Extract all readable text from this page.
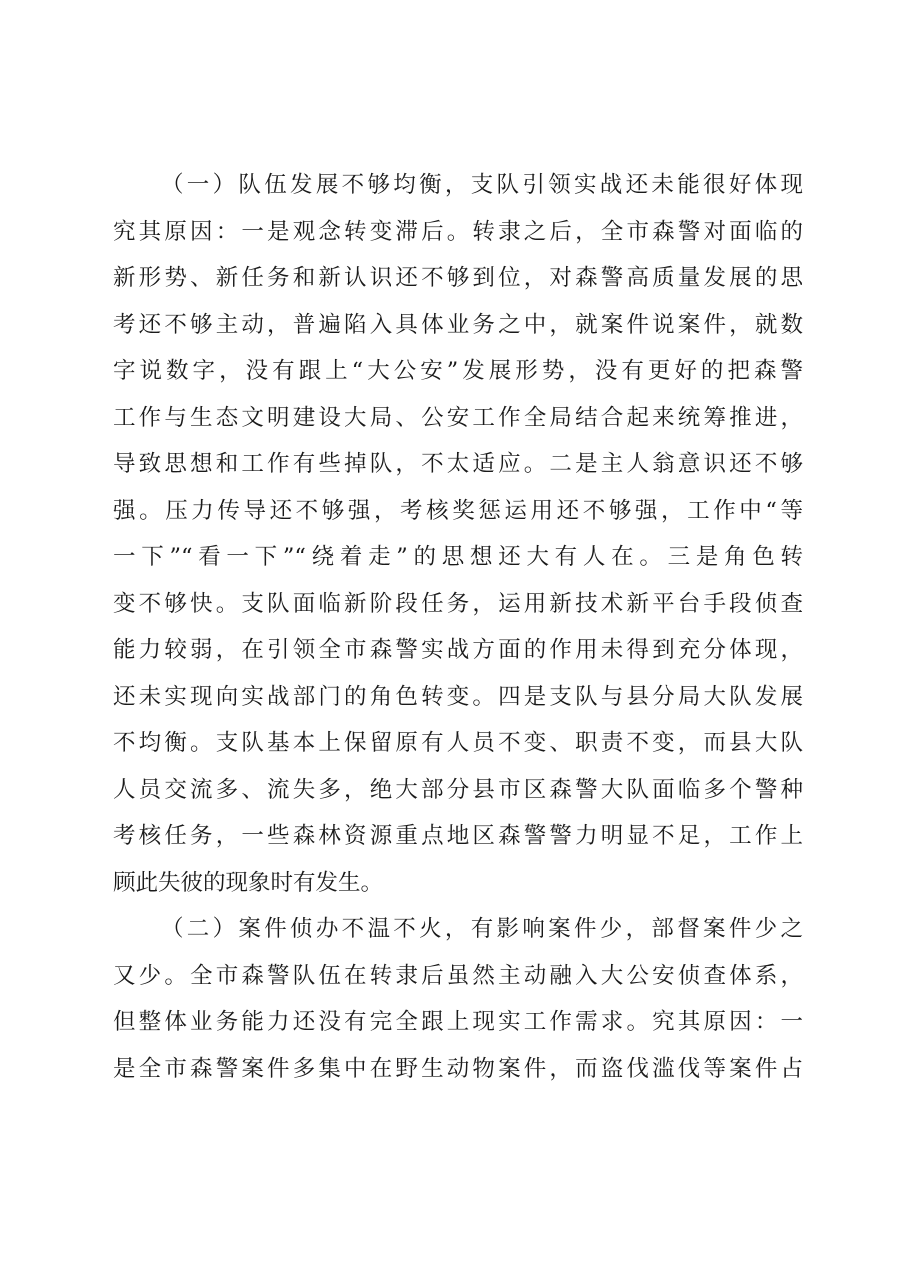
（一）队伍发展不够均衡，支队引领实战还未能很好体现
究其原因：一是观念转变滞后。转隶之后，全市森警对面临的
新形势、新任务和新认识还不够到位，对森警高质量发展的思
考还不够主动，普遍陷入具体业务之中，就案件说案件，就数
字说数字，没有跟上“大公安”发展形势，没有更好的把森警
工作与生态文明建设大局、公安工作全局结合起来统筹推进，
导致思想和工作有些掉队，不太适应。二是主人翁意识还不够
强。压力传导还不够强，考核奖惩运用还不够强，工作中“等
一下”“看一下”“绕着走”的思想还大有人在。三是角色转
变不够快。支队面临新阶段任务，运用新技术新平台手段侦查
能力较弱，在引领全市森警实战方面的作用未得到充分体现，
还未实现向实战部门的角色转变。四是支队与县分局大队发展
不均衡。支队基本上保留原有人员不变、职责不变，而县大队
人员交流多、流失多，绝大部分县市区森警大队面临多个警种
考核任务，一些森林资源重点地区森警警力明显不足，工作上
顾此失彼的现象时有发生。
（二）案件侦办不温不火，有影响案件少，部督案件少之
又少。全市森警队伍在转隶后虽然主动融入大公安侦查体系，
但整体业务能力还没有完全跟上现实工作需求。究其原因：一
是全市森警案件多集中在野生动物案件，而盗伐滥伐等案件占
